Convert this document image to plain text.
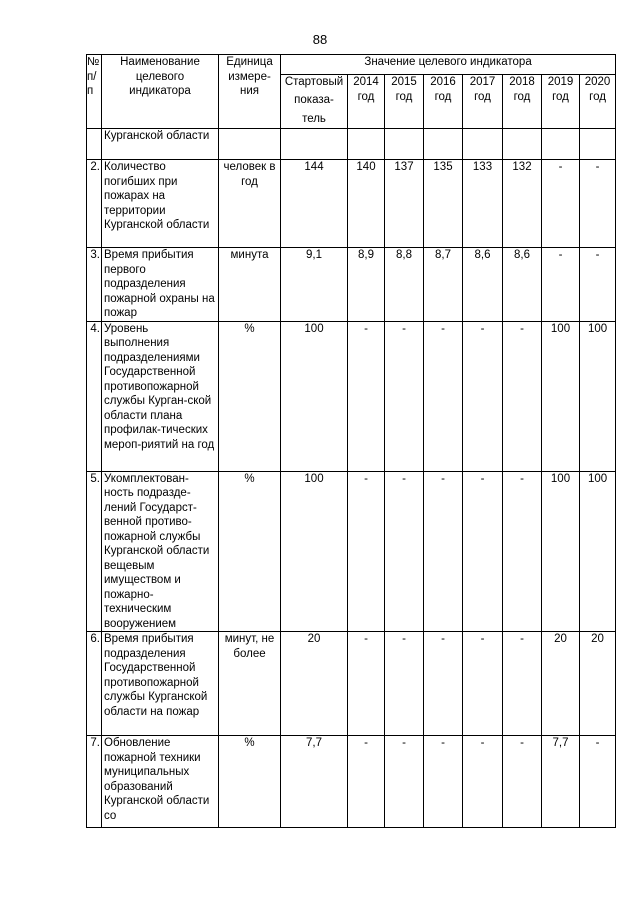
88
№ п/п	Наименование целевого индикатора	Единица измере-ния	Значение целевого индикатора							

			Стартовый
показа-
тель	2014 год	2015 год	2016 год	2017 год	2018 год	2019 год	2020 год
	Курганской области									
2.	Количество погибших при пожарах на территории Курганской области	человек в год	144	140	137	135	133	132	-	-
3.	Время прибытия первого подразделения пожарной охраны на пожар	минута	9,1	8,9	8,8	8,7	8,6	8,6	-	-
4.	Уровень выполнения подразделениями Государственной противопожарной службы Курган-ской области плана профилак-тических мероп-риятий на год	%	100	-	-	-	-	-	100	100
5.	Укомплектован-ность подразде-лений Государст-венной противо-пожарной службы Курганской области вещевым имуществом и пожарно-техническим вооружением	%	100	-	-	-	-	-	100	100
6.	Время прибытия подразделения Государственной противопожарной службы Курганской области на пожар	минут, не более	20	-	-	-	-	-	20	20
7.	Обновление пожарной техники муниципальных образований Курганской области со	%	7,7	-	-	-	-	-	7,7	-
